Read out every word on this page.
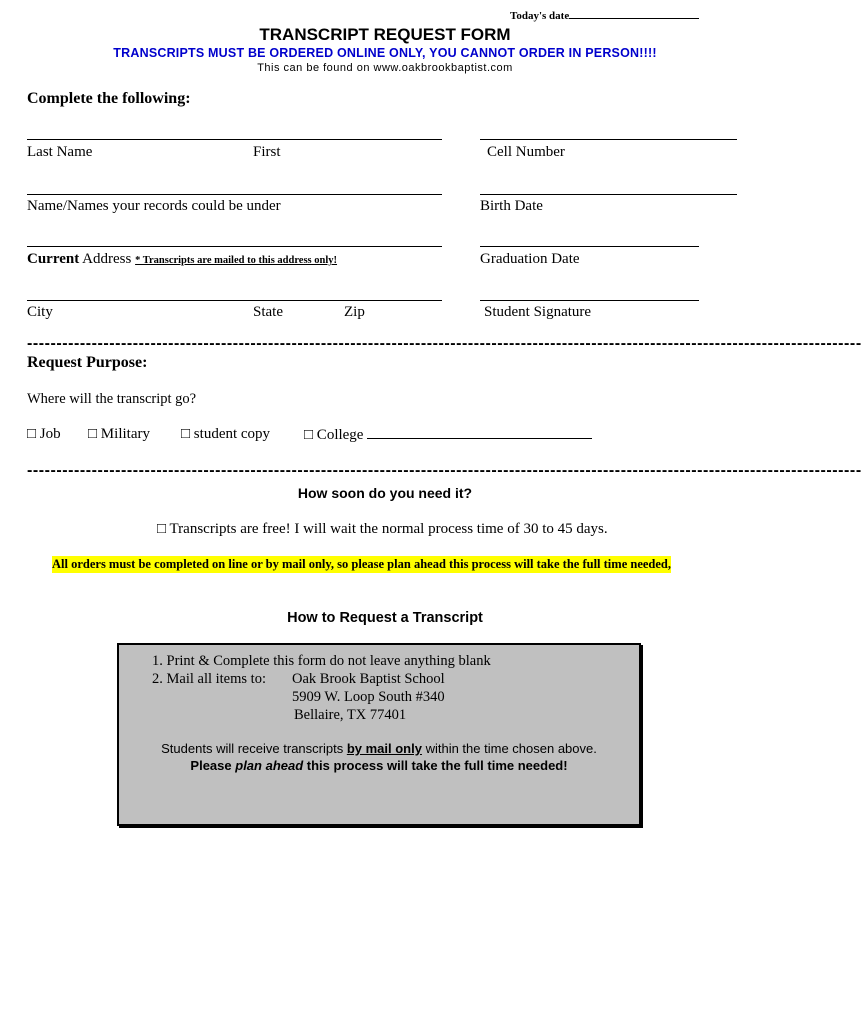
Today's date
TRANSCRIPT REQUEST FORM
TRANSCRIPTS MUST BE ORDERED ONLINE ONLY, YOU CANNOT ORDER IN PERSON!!!!
This can be found on www.oakbrookbaptist.com
Complete the following:
Last Name	First	Cell Number
Name/Names your records could be under	Birth Date
Current Address * Transcripts are mailed to this address only!	Graduation Date
City	State	Zip	Student Signature
----------------------------------------------------------------------------------------------------------------------------------------------
Request Purpose:
Where will the transcript go?
□ Job □ Military □ student copy □ College
----------------------------------------------------------------------------------------------------------------------------------------------
How soon do you need it?
□ Transcripts are free! I will wait the normal process time of 30 to 45 days.
All orders must be completed on line or by mail only, so please plan ahead this process will take the full time needed,
How to Request a Transcript
1. Print & Complete this form do not leave anything blank
2. Mail all items to: Oak Brook Baptist School
5909 W. Loop South #340
Bellaire, TX 77401
Students will receive transcripts by mail only within the time chosen above.
Please plan ahead this process will take the full time needed!
